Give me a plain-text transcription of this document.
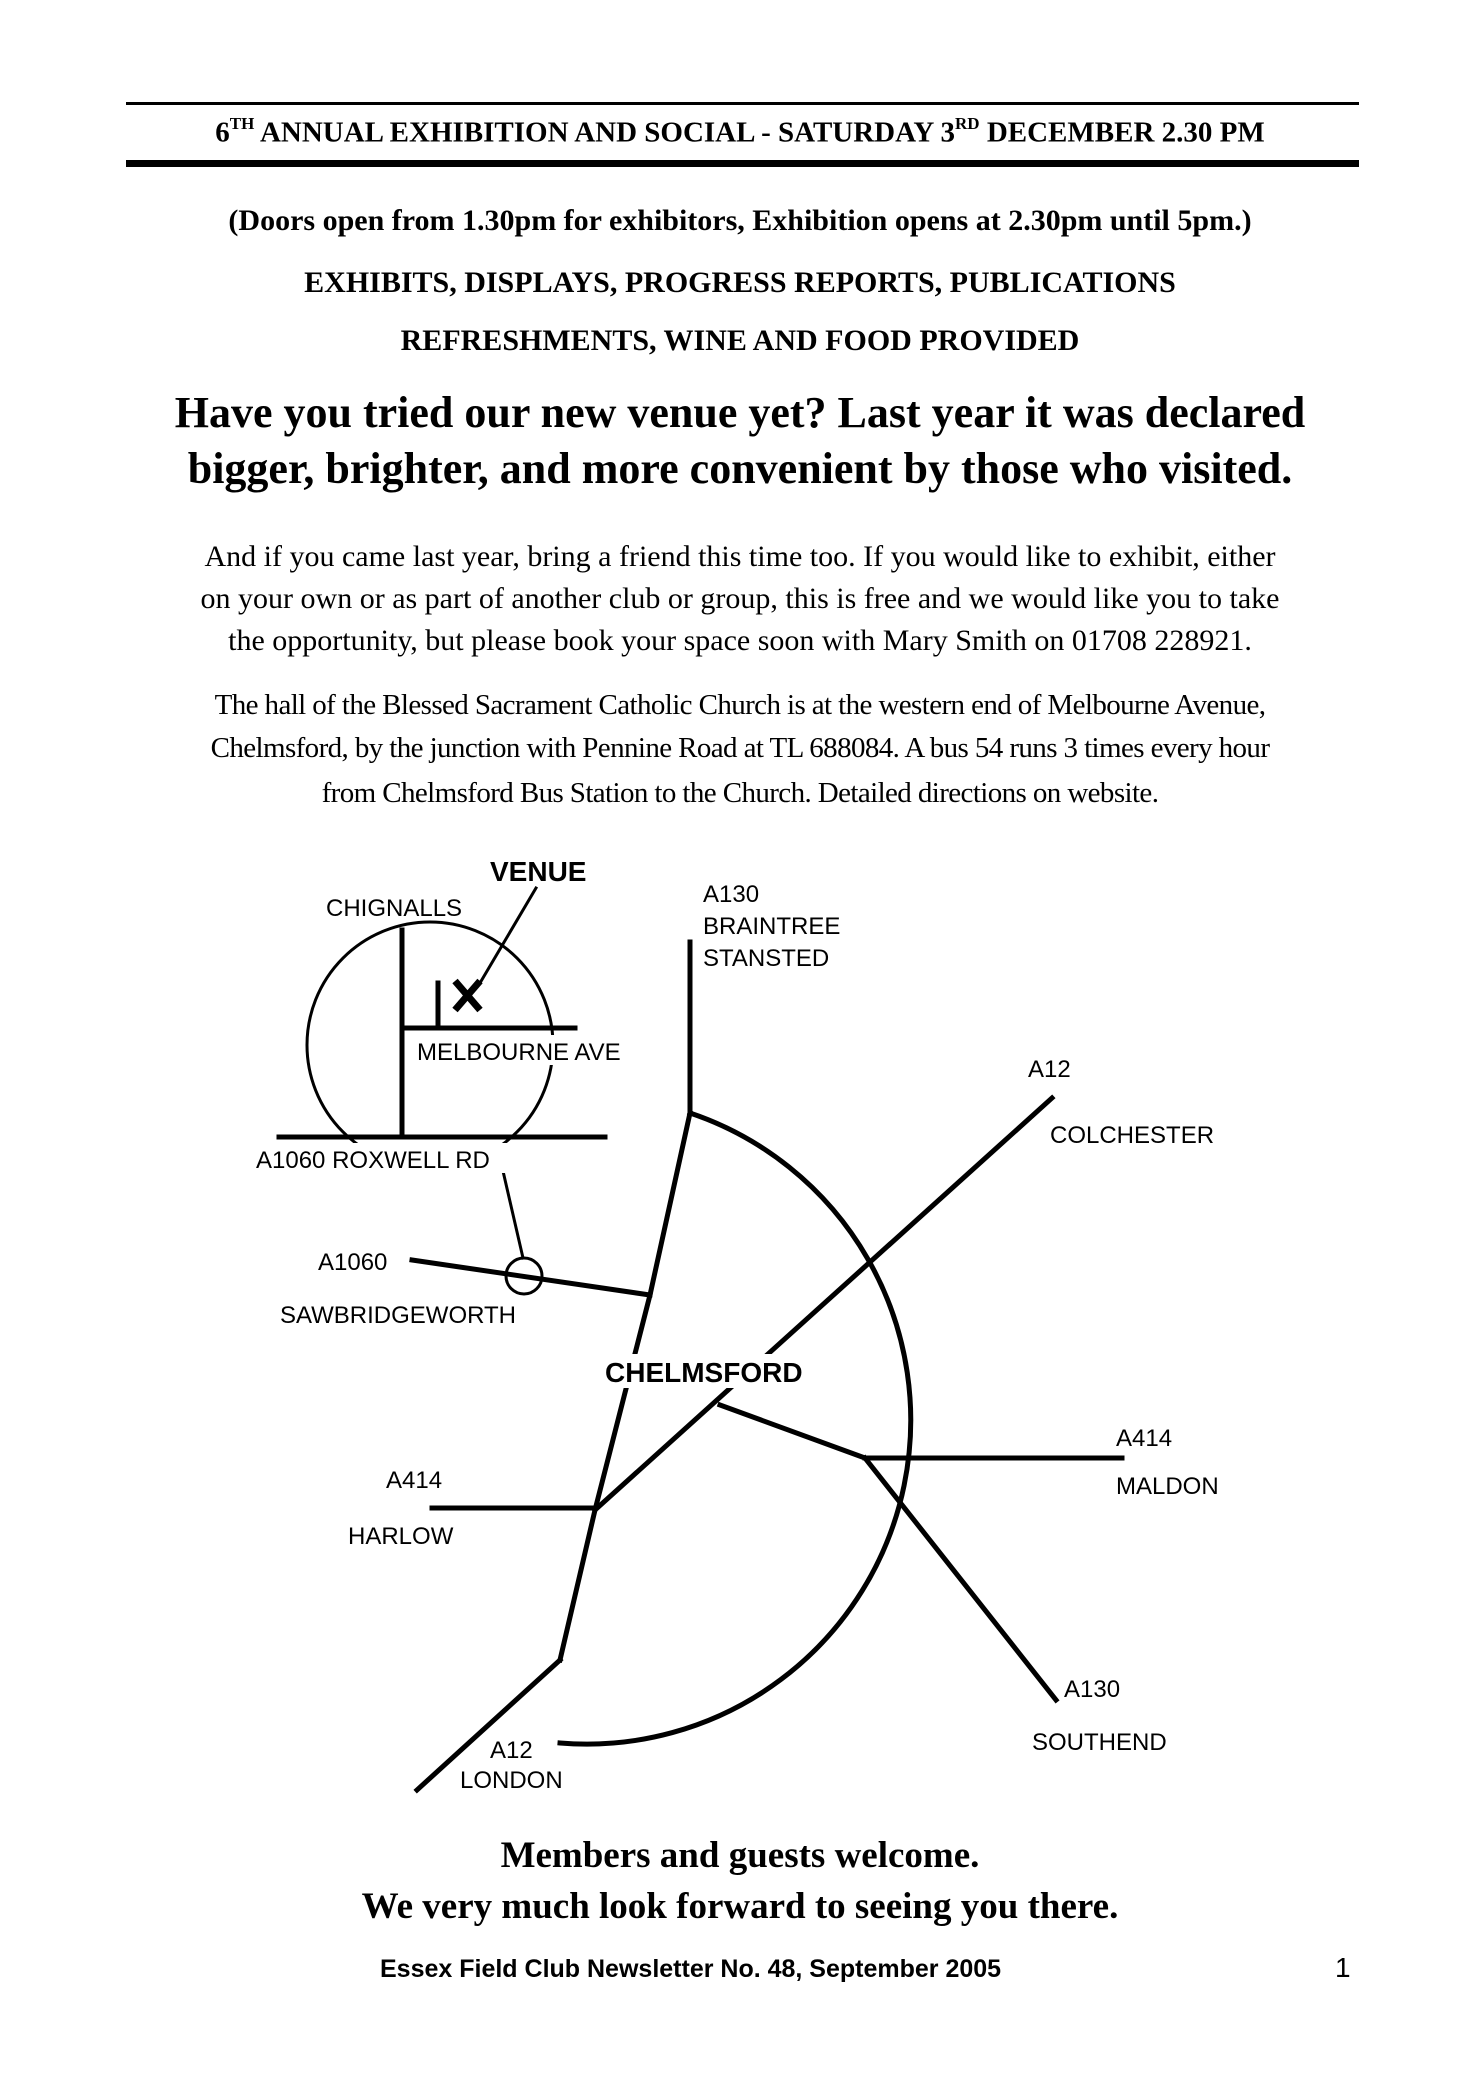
6TH ANNUAL EXHIBITION AND SOCIAL - SATURDAY 3RD DECEMBER 2.30 PM
(Doors open from 1.30pm for exhibitors, Exhibition opens at 2.30pm until 5pm.)
EXHIBITS, DISPLAYS, PROGRESS REPORTS, PUBLICATIONS
REFRESHMENTS, WINE AND FOOD PROVIDED
Have you tried our new venue yet? Last year it was declared
bigger, brighter, and more convenient by those who visited.
And if you came last year, bring a friend this time too. If you would like to exhibit, either
on your own or as part of another club or group, this is free and we would like you to take
the opportunity, but please book your space soon with Mary Smith on 01708 228921.
The hall of the Blessed Sacrament Catholic Church is at the western end of Melbourne Avenue,
Chelmsford, by the junction with Pennine Road at TL 688084. A bus 54 runs 3 times every hour
from Chelmsford Bus Station to the Church. Detailed directions on website.
VENUE
CHIGNALLS
MELBOURNE AVE
A1060 ROXWELL RD
A1060
SAWBRIDGEWORTH
A130
BRAINTREE
STANSTED
A12
COLCHESTER
CHELMSFORD
A414
MALDON
A414
HARLOW
A130
SOUTHEND
A12
LONDON
Members and guests welcome.
We very much look forward to seeing you there.
Essex Field Club Newsletter No. 48, September 2005	1
